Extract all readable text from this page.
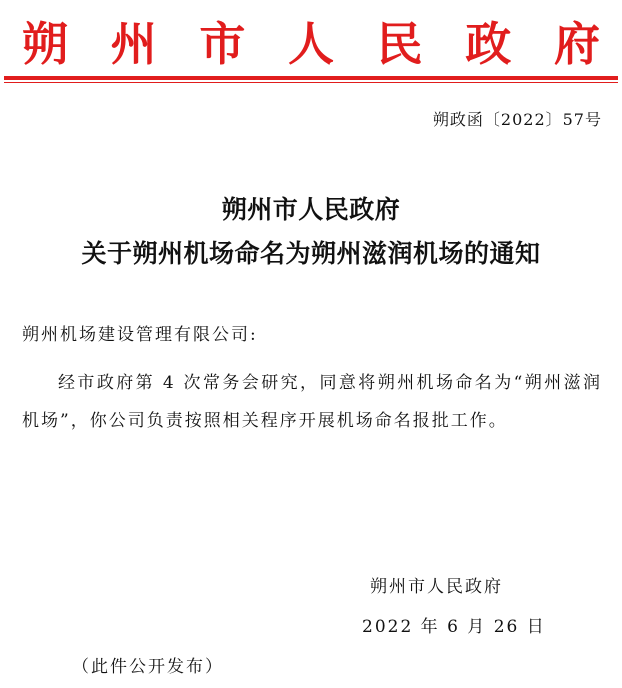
朔 州 市 人 民 政 府
朔政函〔2022〕57号
朔州市人民政府
关于朔州机场命名为朔州滋润机场的通知
朔州机场建设管理有限公司:
经市政府第 4 次常务会研究，同意将朔州机场命名为“朔州滋润机场”，你公司负责按照相关程序开展机场命名报批工作。
朔州市人民政府
2022 年 6 月 26 日
（此件公开发布）
